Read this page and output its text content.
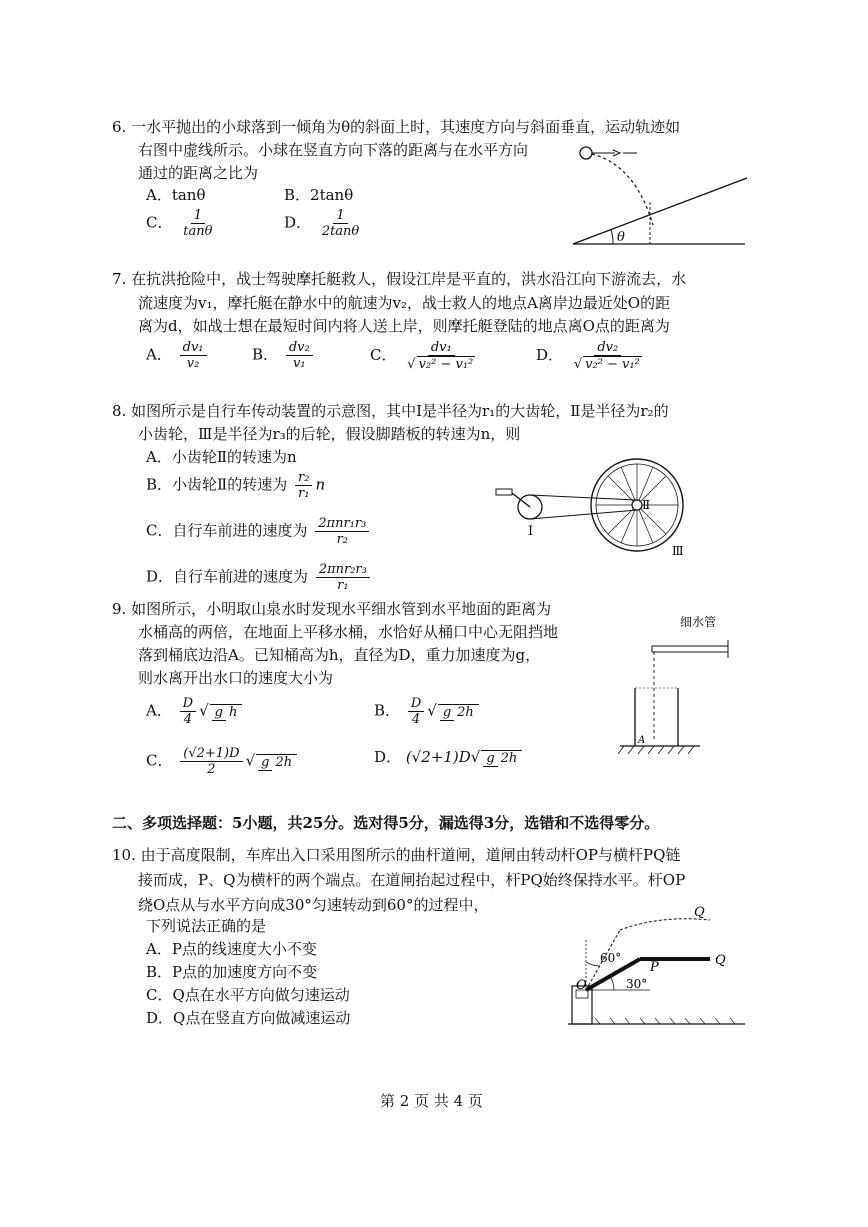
6. 一水平抛出的小球落到一倾角为θ的斜面上时，其速度方向与斜面垂直，运动轨迹如
右图中虚线所示。小球在竖直方向下落的距离与在水平方向
通过的距离之比为
A．tanθ	B．2tanθ
C． $\frac{1}{\tan\theta}$	D． $\frac{1}{2\tan\theta}$	θ
7. 在抗洪抢险中，战士驾驶摩托艇救人，假设江岸是平直的，洪水沿江向下游流去，水
流速度为v₁，摩托艇在静水中的航速为v₂，战士救人的地点A离岸边最近处O的距
离为d，如战士想在最短时间内将人送上岸，则摩托艇登陆的地点离O点的距离为
A． $\frac{\text{dv₁}}{\text{v₂}}$	B． $\frac{\text{dv₂}}{\text{v₁}}$	C． $\frac{\text{dv₁}}{\text{√ v₂² − v₁²}}$	D． $\frac{\text{dv₂}}{\text{√ v₂² − v₁²}}$
8. 如图所示是自行车传动装置的示意图，其中Ⅰ是半径为r₁的大齿轮，Ⅱ是半径为r₂的
小齿轮，Ⅲ是半径为r₃的后轮，假设脚踏板的转速为n，则
A．小齿轮Ⅱ的转速为n
B．小齿轮Ⅱ的转速为 $\frac{\text{r₂}}{\text{r₁}}$ n
C．自行车前进的速度为 $\frac{\text{2πnr₁r₃}}{\text{r₂}}$
D．自行车前进的速度为 $\frac{\text{2πnr₂r₃}}{\text{r₁}}$
I
Ⅱ
Ⅲ
9. 如图所示，小明取山泉水时发现水平细水管到水平地面的距离为
水桶高的两倍，在地面上平移水桶，水恰好从桶口中心无阻挡地
落到桶底边沿A。已知桶高为h，直径为D，重力加速度为g，
则水离开出水口的速度大小为
A． $\frac{D}{4}$ √ g h	B． $\frac{D}{4}$ √ g 2h
C． $\frac{(√2+1)D}{2}$ √ g 2h	D． (√2+1)D√ g 2h
细水管
A
二、多项选择题：5小题，共25分。选对得5分，漏选得3分，选错和不选得零分。
10. 由于高度限制，车库出入口采用图所示的曲杆道闸，道闸由转动杆OP与横杆PQ链
接而成，P、Q为横杆的两个端点。在道闸抬起过程中，杆PQ始终保持水平。杆OP
绕O点从与水平方向成30°匀速转动到60°的过程中，
下列说法正确的是
A．P点的线速度大小不变
B．P点的加速度方向不变
C．Q点在水平方向做匀速运动
D．Q点在竖直方向做减速运动
O
P
Q
Q
60°
30°
第 2 页 共 4 页
